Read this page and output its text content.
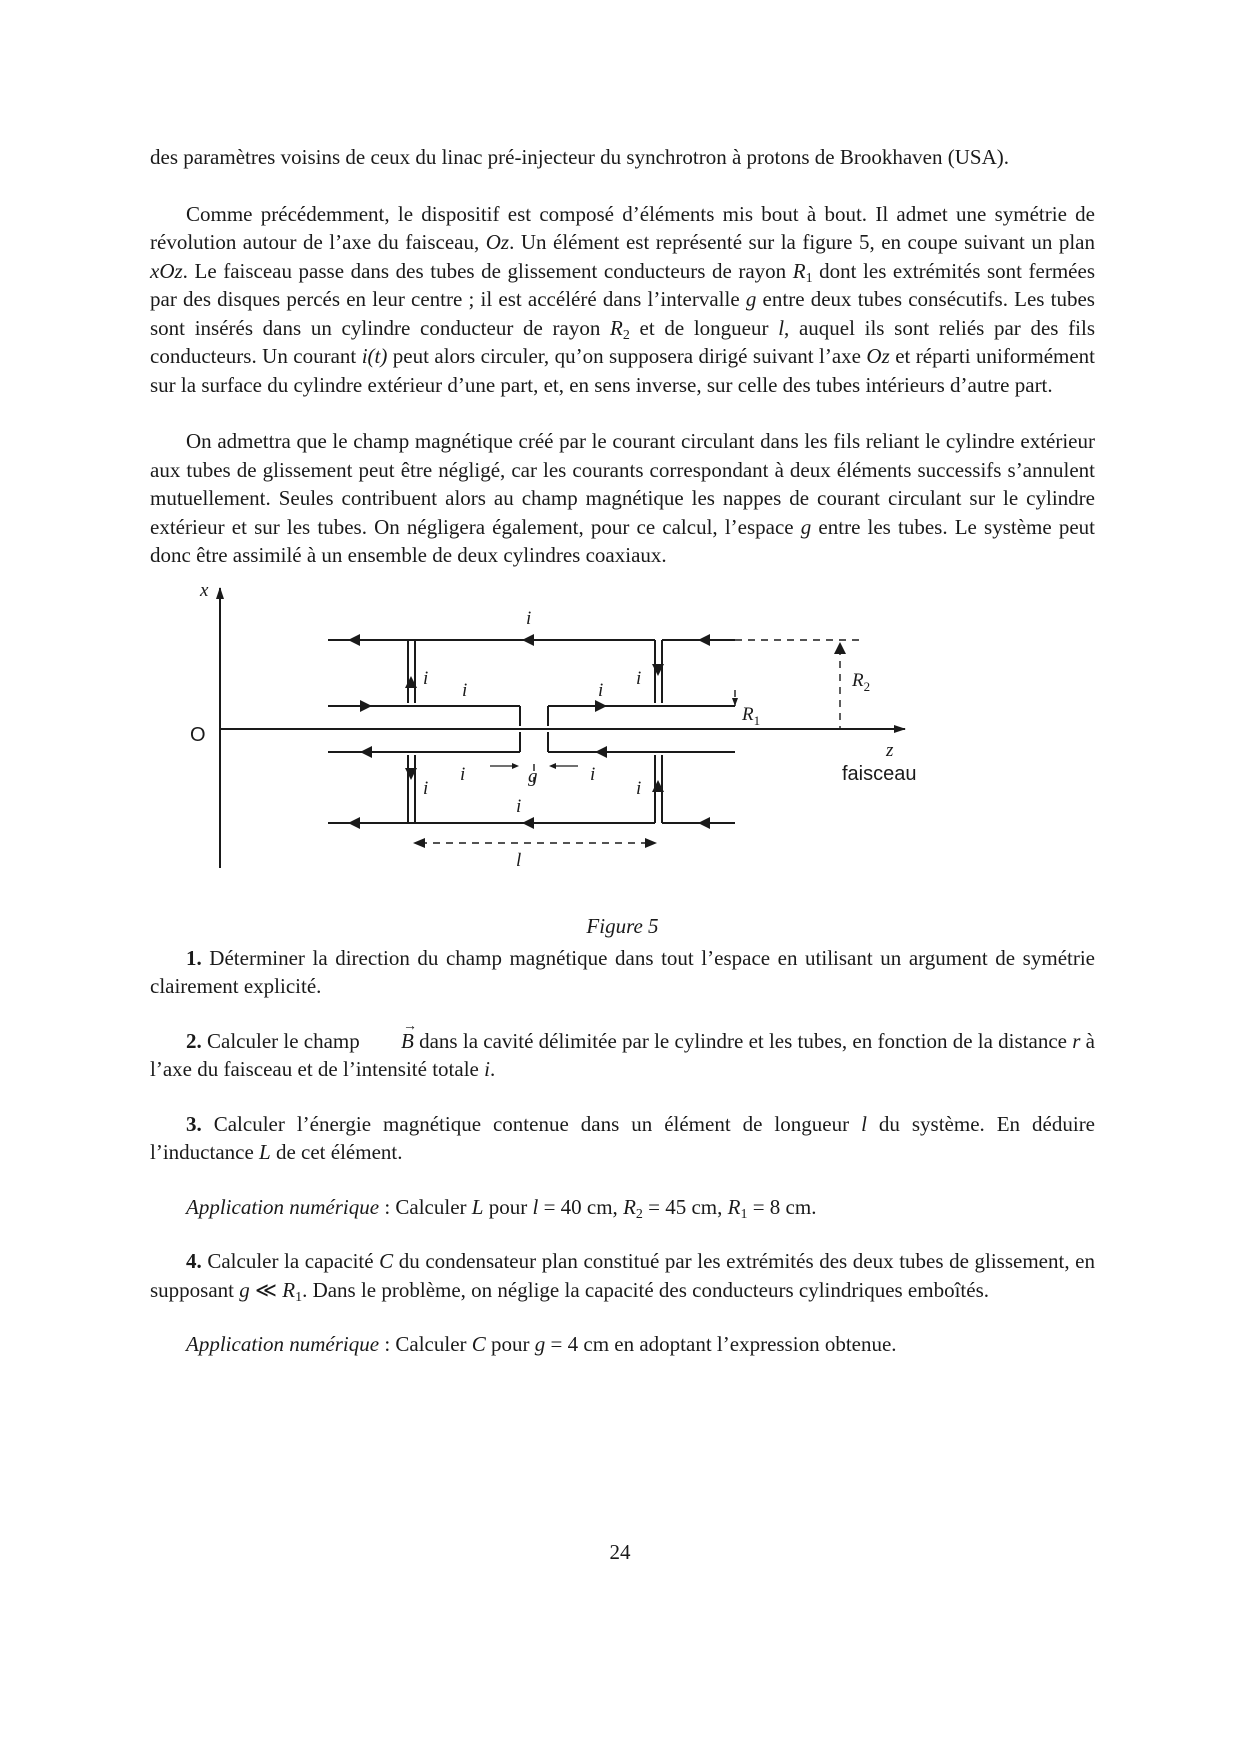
des paramètres voisins de ceux du linac pré-injecteur du synchrotron à protons de Brookhaven (USA).

Comme précédemment, le dispositif est composé d’éléments mis bout à bout. Il admet une symétrie de révolution autour de l’axe du faisceau, Oz. Un élément est représenté sur la figure 5, en coupe suivant un plan xOz. Le faisceau passe dans des tubes de glissement conducteurs de rayon $R_1$ dont les extrémités sont fermées par des disques percés en leur centre ; il est accéléré dans l’intervalle g entre deux tubes consécutifs. Les tubes sont insérés dans un cylindre conducteur de rayon $R_2$ et de longueur l, auquel ils sont reliés par des fils conducteurs. Un courant i(t) peut alors circuler, qu’on supposera dirigé suivant l’axe Oz et réparti uniformément sur la surface du cylindre extérieur d’une part, et, en sens inverse, sur celle des tubes intérieurs d’autre part.

On admettra que le champ magnétique créé par le courant circulant dans les fils reliant le cylindre extérieur aux tubes de glissement peut être négligé, car les courants correspondant à deux éléments successifs s’annulent mutuellement. Seules contribuent alors au champ magnétique les nappes de courant circulant sur le cylindre extérieur et sur les tubes. On négligera également, pour ce calcul, l’espace g entre les tubes. Le système peut donc être assimilé à un ensemble de deux cylindres coaxiaux.

x
z
i
i
i	i
i
i
i
i
i
i
g
l
$R_1$
$R_2$
O
faisceau
Figure 5

1. Déterminer la direction du champ magnétique dans tout l’espace en utilisant un argument de symétrie clairement explicité.

2. Calculer le champ → B dans la cavité délimitée par le cylindre et les tubes, en fonction de la distance r à l’axe du faisceau et de l’intensité totale i.

3. Calculer l’énergie magnétique contenue dans un élément de longueur l du système. En déduire l’inductance L de cet élément.

Application numérique : Calculer L pour l = 40 cm, $R_2 = 45$ cm, $R_1 = 8$ cm.

4. Calculer la capacité C du condensateur plan constitué par les extrémités des deux tubes de glissement, en supposant g ≪ $R_1$. Dans le problème, on néglige la capacité des conducteurs cylindriques emboîtés.

Application numérique : Calculer C pour g = 4 cm en adoptant l’expression obtenue.

24
